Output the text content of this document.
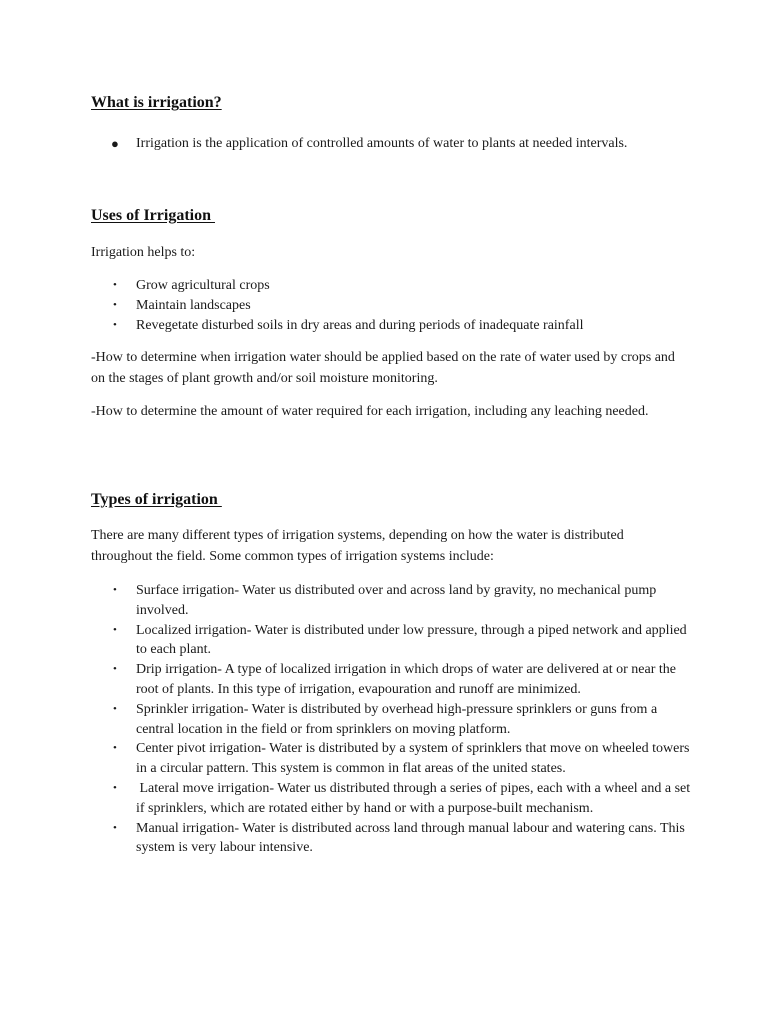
What is irrigation?
● Irrigation is the application of controlled amounts of water to plants at needed intervals.
Uses of Irrigation

Irrigation helps to:

• Grow agricultural crops
• Maintain landscapes
• Revegetate disturbed soils in dry areas and during periods of inadequate rainfall

-How to determine when irrigation water should be applied based on the rate of water used by crops and on the stages of plant growth and/or soil moisture monitoring.

-How to determine the amount of water required for each irrigation, including any leaching needed.

Types of irrigation

There are many different types of irrigation systems, depending on how the water is distributed throughout the field. Some common types of irrigation systems include:

• Surface irrigation- Water us distributed over and across land by gravity, no mechanical pump involved.
• Localized irrigation- Water is distributed under low pressure, through a piped network and applied to each plant.
• Drip irrigation- A type of localized irrigation in which drops of water are delivered at or near the root of plants. In this type of irrigation, evapouration and runoff are minimized.
• Sprinkler irrigation- Water is distributed by overhead high-pressure sprinklers or guns from a central location in the field or from sprinklers on moving platform.
• Center pivot irrigation- Water is distributed by a system of sprinklers that move on wheeled towers in a circular pattern. This system is common in flat areas of the united states.
• Lateral move irrigation- Water us distributed through a series of pipes, each with a wheel and a set if sprinklers, which are rotated either by hand or with a purpose-built mechanism.
• Manual irrigation- Water is distributed across land through manual labour and watering cans. This system is very labour intensive.
